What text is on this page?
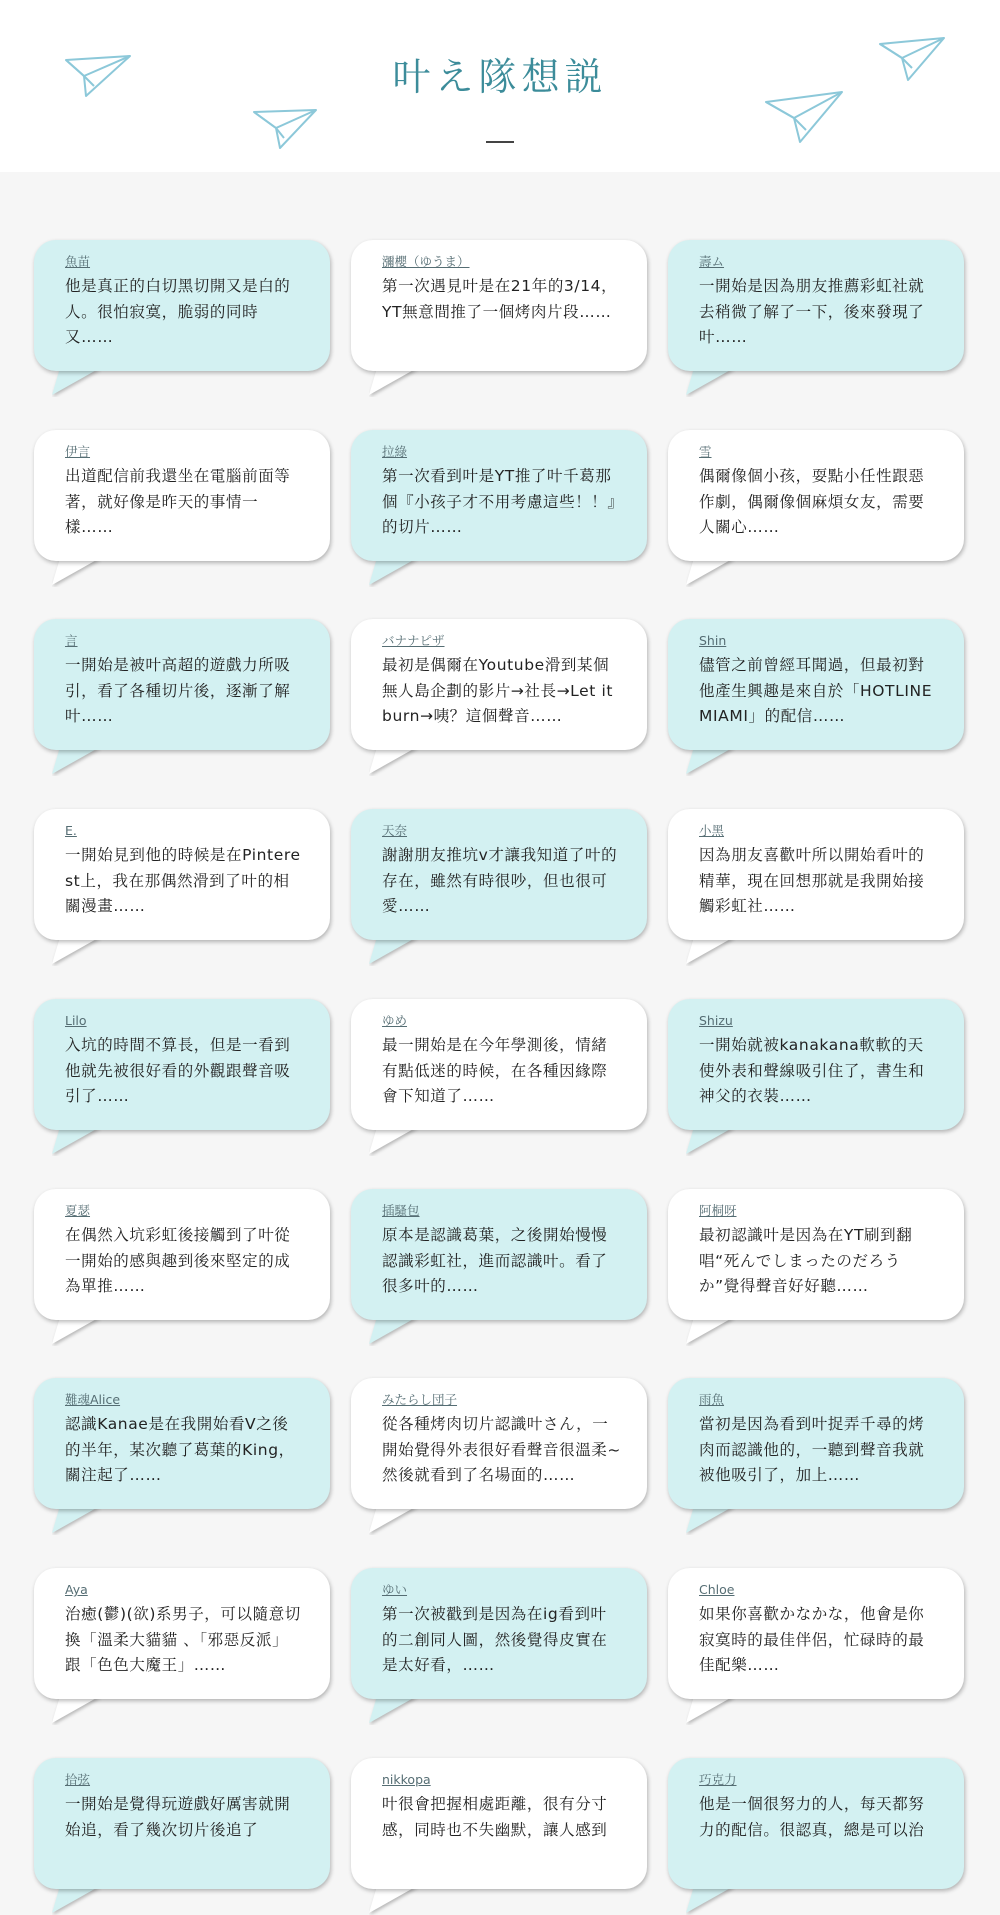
叶え隊想説
魚苗
他是真正的白切黑切開又是白的人。很怕寂寞，脆弱的同時又……
瀰櫻（ゆうま）
第一次遇見叶是在21年的3/14，YT無意間推了一個烤肉片段……
壽ム
一開始是因為朋友推薦彩虹社就去稍微了解了一下，後來發現了叶……
伊言
出道配信前我還坐在電腦前面等著，就好像是昨天的事情一樣……
拉綠
第一次看到叶是YT推了叶千葛那個『小孩子才不用考慮這些！！』的切片……
雪
偶爾像個小孩，耍點小任性跟惡作劇，偶爾像個麻煩女友，需要人關心……
言
一開始是被叶高超的遊戲力所吸引，看了各種切片後，逐漸了解叶……
バナナピザ
最初是偶爾在Youtube滑到某個無人島企劃的影片→社長→Let it burn→咦？這個聲音……
Shin
儘管之前曾經耳聞過，但最初對他產生興趣是來自於「HOTLINE MIAMI」的配信……
E.
一開始見到他的時候是在Pinterest上，我在那偶然滑到了叶的相關漫畫……
天奈
謝謝朋友推坑v才讓我知道了叶的存在，雖然有時很吵，但也很可愛……
小黑
因為朋友喜歡叶所以開始看叶的精華，現在回想那就是我開始接觸彩虹社……
Lilo
入坑的時間不算長，但是一看到他就先被很好看的外觀跟聲音吸引了……
ゆめ
最一開始是在今年學測後，情緒有點低迷的時候，在各種因緣際會下知道了……
Shizu
一開始就被kanakana軟軟的天使外表和聲線吸引住了，書生和神父的衣裝……
夏瑟
在偶然入坑彩虹後接觸到了叶從一開始的感與趣到後來堅定的成為單推……
插騷包
原本是認識葛葉，之後開始慢慢認識彩虹社，進而認識叶。看了很多叶的……
阿桐呀
最初認識叶是因為在YT刷到翻唱“死んでしまったのだろうか”覺得聲音好好聽……
難魂Alice
認識Kanae是在我開始看V之後的半年，某次聽了葛葉的King，關注起了……
みたらし団子
從各種烤肉切片認識叶さん，一開始覺得外表很好看聲音很溫柔~然後就看到了名場面的……
雨魚
當初是因為看到叶捉弄千尋的烤肉而認識他的，一聽到聲音我就被他吸引了，加上……
Aya
治癒(鬱)(欲)系男子，可以隨意切換「溫柔大貓貓 、「邪惡反派」跟「色色大魔王」……
ゆい
第一次被戳到是因為在ig看到叶的二創同人圖，然後覺得皮實在是太好看，……
Chloe
如果你喜歡かなかな，他會是你寂寞時的最佳伴侶，忙碌時的最佳配樂……
拾弦
一開始是覺得玩遊戲好厲害就開始追，看了幾次切片後追了
nikkopa
叶很會把握相處距離，很有分寸感，同時也不失幽默，讓人感到
巧克力
他是一個很努力的人，每天都努力的配信。很認真，總是可以治
